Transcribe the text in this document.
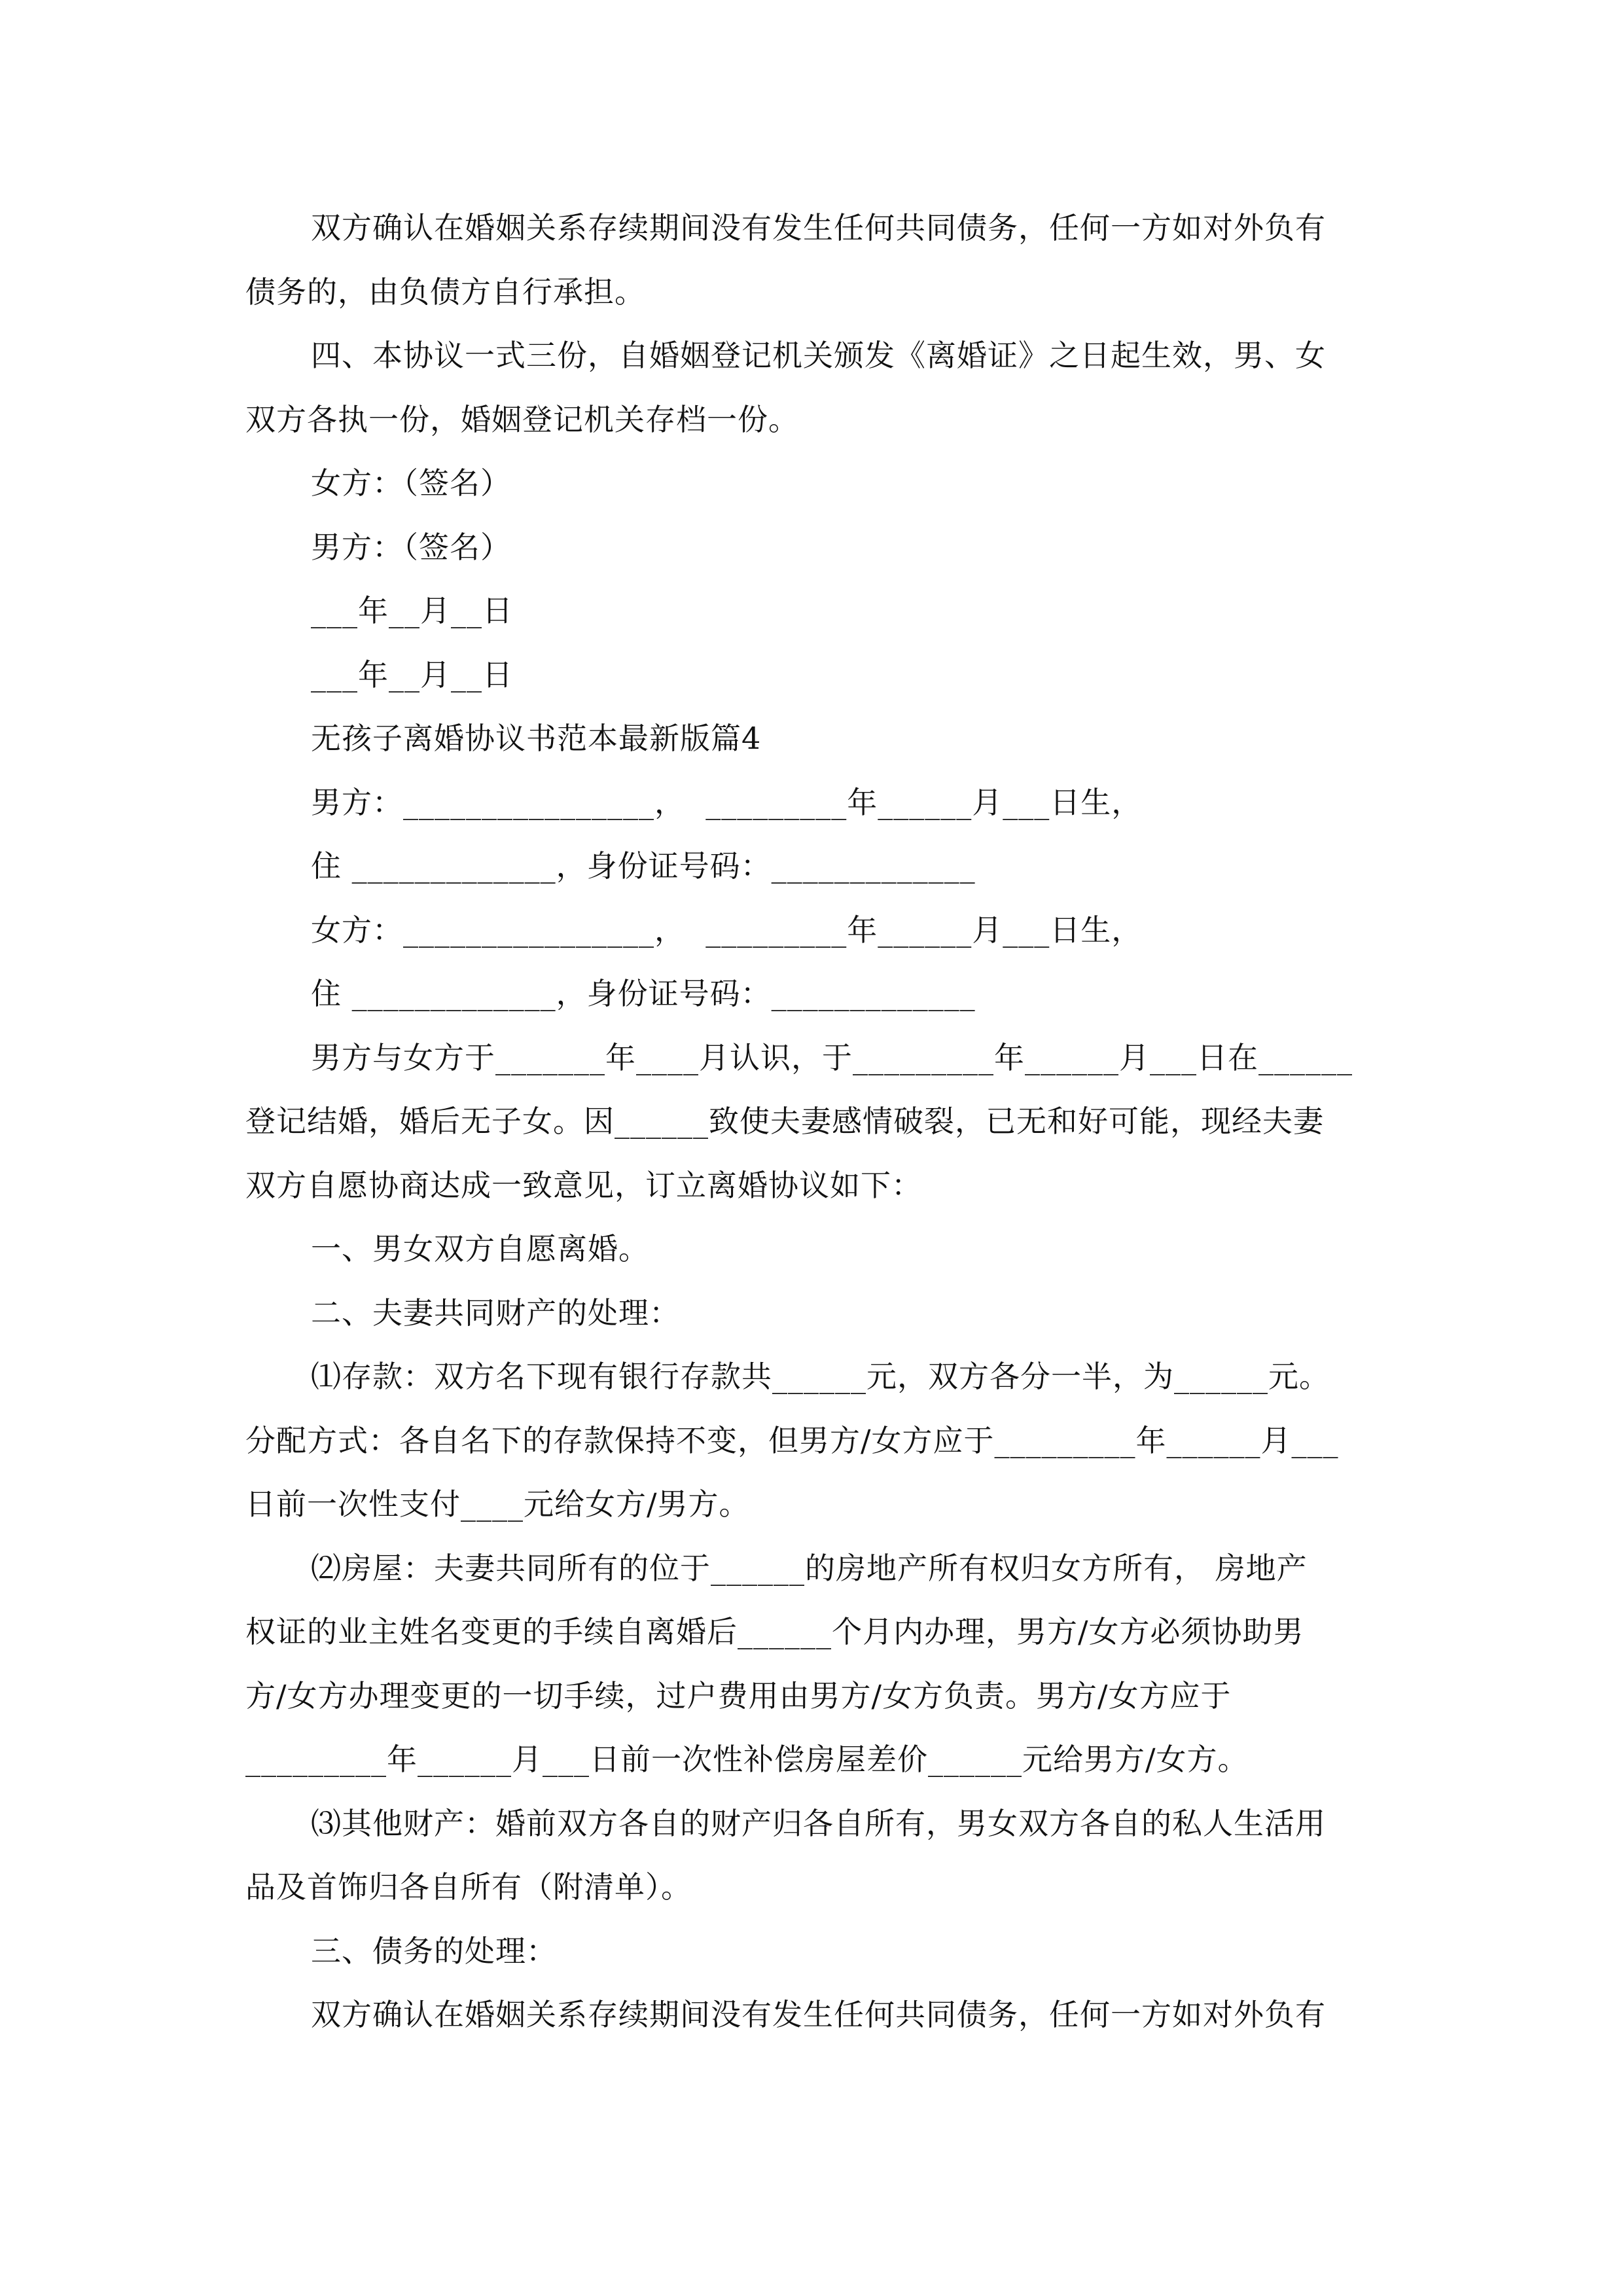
双方确认在婚姻关系存续期间没有发生任何共同债务，任何一方如对外负有
债务的，由负债方自行承担。
四、本协议一式三份，自婚姻登记机关颁发《离婚证》之日起生效，男、女
双方各执一份，婚姻登记机关存档一份。
女方：（签名）
男方：（签名）
___年__月__日
___年__月__日
无孩子离婚协议书范本最新版篇4
男方：________________，  _________年______月___日生，
住 _____________，身份证号码：_____________
女方：________________，  _________年______月___日生，
住 _____________，身份证号码：_____________
男方与女方于_______年____月认识，于_________年______月___日在______
登记结婚，婚后无子女。因______致使夫妻感情破裂，已无和好可能，现经夫妻
双方自愿协商达成一致意见，订立离婚协议如下：
一、男女双方自愿离婚。
二、夫妻共同财产的处理：
⑴存款：双方名下现有银行存款共______元，双方各分一半，为______元。
分配方式：各自名下的存款保持不变，但男方/女方应于_________年______月___
日前一次性支付____元给女方/男方。
⑵房屋：夫妻共同所有的位于______的房地产所有权归女方所有， 房地产
权证的业主姓名变更的手续自离婚后______个月内办理，男方/女方必须协助男
方/女方办理变更的一切手续，过户费用由男方/女方负责。男方/女方应于
_________年______月___日前一次性补偿房屋差价______元给男方/女方。
⑶其他财产：婚前双方各自的财产归各自所有，男女双方各自的私人生活用
品及首饰归各自所有（附清单）。
三、债务的处理：
双方确认在婚姻关系存续期间没有发生任何共同债务，任何一方如对外负有
